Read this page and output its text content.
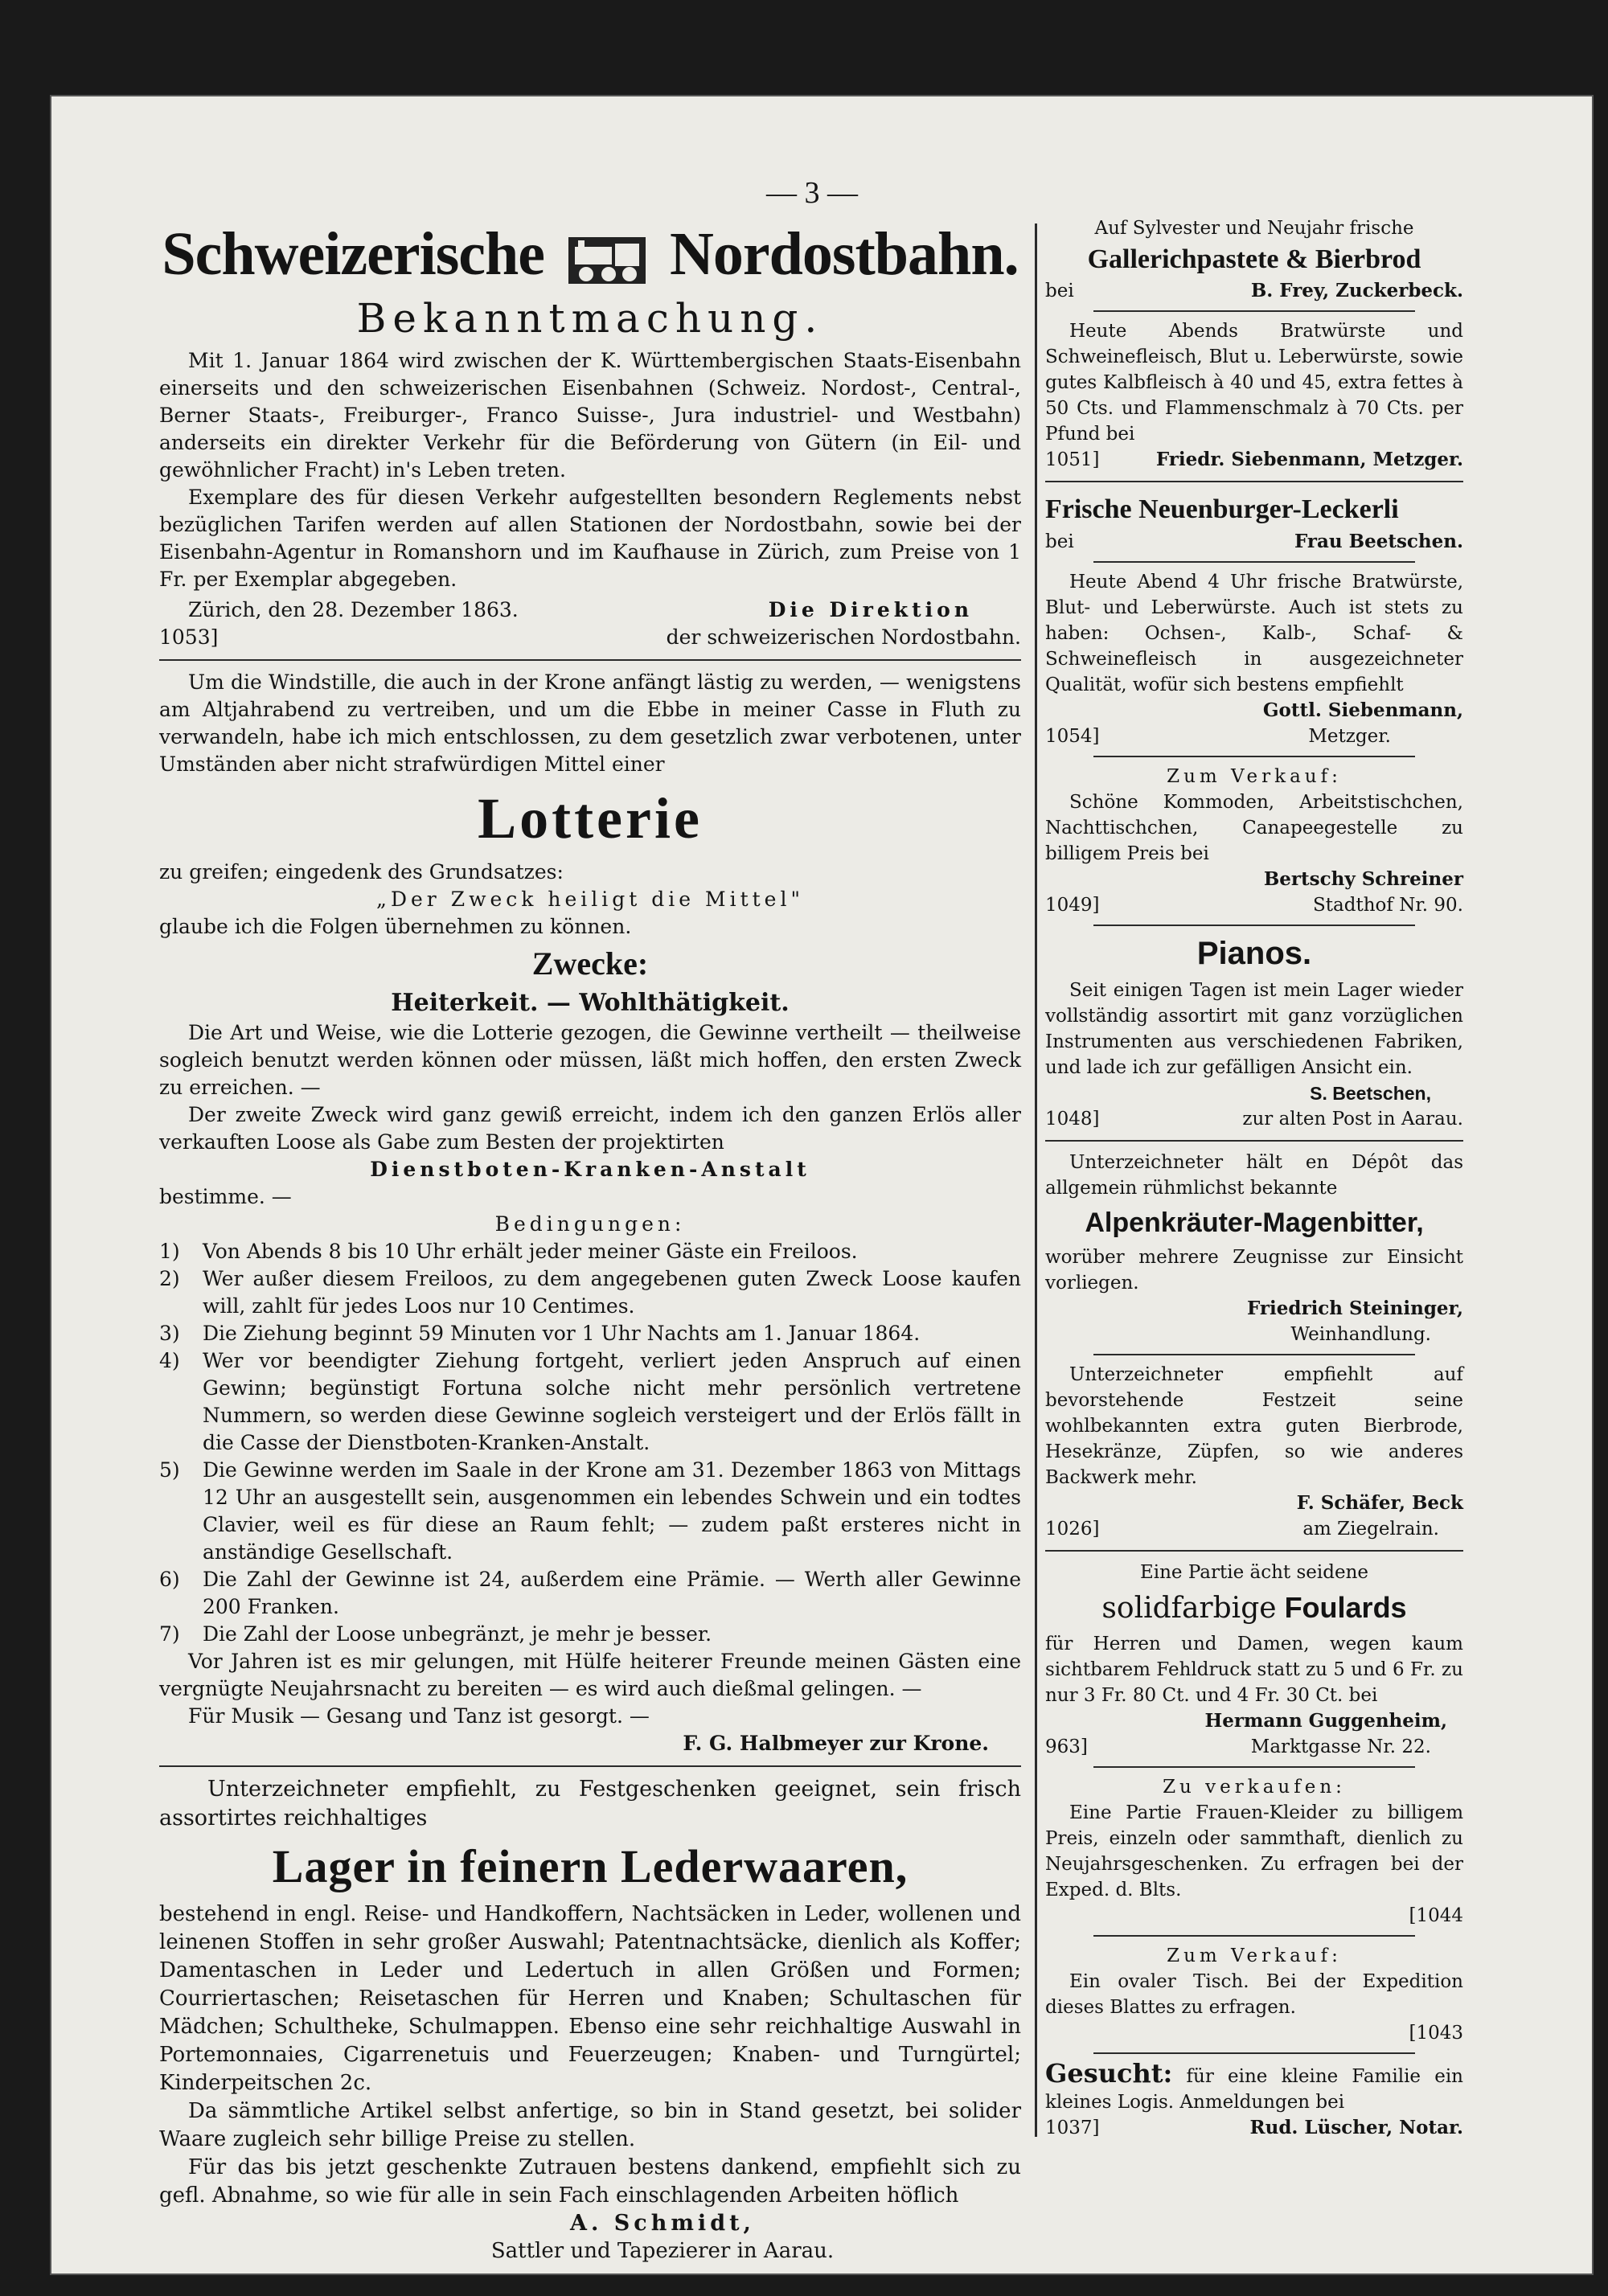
— 3 —

Schweizerische Nordostbahn.

Bekanntmachung.

Mit 1. Januar 1864 wird zwischen der K. Württembergischen Staats-Eisenbahn einerseits und den schweizerischen Eisenbahnen (Schweiz. Nordost-, Central-, Berner Staats-, Freiburger-, Franco Suisse-, Jura industriel- und Westbahn) anderseits ein direkter Verkehr für die Beförderung von Gütern (in Eil- und gewöhnlicher Fracht) in's Leben treten.

Exemplare des für diesen Verkehr aufgestellten besondern Reglements nebst bezüglichen Tarifen werden auf allen Stationen der Nordostbahn, sowie bei der Eisenbahn-Agentur in Romanshorn und im Kaufhause in Zürich, zum Preise von 1 Fr. per Exemplar abgegeben.

Zürich, den 28. Dezember 1863.	Die Direktion
1053]	der schweizerischen Nordostbahn.

Um die Windstille, die auch in der Krone anfängt lästig zu werden, — wenigstens am Altjahrabend zu vertreiben, und um die Ebbe in meiner Casse in Fluth zu verwandeln, habe ich mich entschlossen, zu dem gesetzlich zwar verbotenen, unter Umständen aber nicht strafwürdigen Mittel einer

Lotterie

zu greifen; eingedenk des Grundsatzes:

„Der Zweck heiligt die Mittel"

glaube ich die Folgen übernehmen zu können.

Zwecke:

Heiterkeit. — Wohlthätigkeit.

Die Art und Weise, wie die Lotterie gezogen, die Gewinne vertheilt — theilweise sogleich benutzt werden können oder müssen, läßt mich hoffen, den ersten Zweck zu erreichen. —

Der zweite Zweck wird ganz gewiß erreicht, indem ich den ganzen Erlös aller verkauften Loose als Gabe zum Besten der projektirten

Dienstboten-Kranken-Anstalt

bestimme. —

Bedingungen:

1) Von Abends 8 bis 10 Uhr erhält jeder meiner Gäste ein Freiloos.
2) Wer außer diesem Freiloos, zu dem angegebenen guten Zweck Loose kaufen will, zahlt für jedes Loos nur 10 Centimes.
3) Die Ziehung beginnt 59 Minuten vor 1 Uhr Nachts am 1. Januar 1864.
4) Wer vor beendigter Ziehung fortgeht, verliert jeden Anspruch auf einen Gewinn; begünstigt Fortuna solche nicht mehr persönlich vertretene Nummern, so werden diese Gewinne sogleich versteigert und der Erlös fällt in die Casse der Dienstboten-Kranken-Anstalt.
5) Die Gewinne werden im Saale in der Krone am 31. Dezember 1863 von Mittags 12 Uhr an ausgestellt sein, ausgenommen ein lebendes Schwein und ein todtes Clavier, weil es für diese an Raum fehlt; — zudem paßt ersteres nicht in anständige Gesellschaft.
6) Die Zahl der Gewinne ist 24, außerdem eine Prämie. — Werth aller Gewinne 200 Franken.
7) Die Zahl der Loose unbegränzt, je mehr je besser.

Vor Jahren ist es mir gelungen, mit Hülfe heiterer Freunde meinen Gästen eine vergnügte Neujahrsnacht zu bereiten — es wird auch dießmal gelingen. —

Für Musik — Gesang und Tanz ist gesorgt. —

F. G. Halbmeyer zur Krone.

Unterzeichneter empfiehlt, zu Festgeschenken geeignet, sein frisch assortirtes reichhaltiges

Lager in feinern Lederwaaren,

bestehend in engl. Reise- und Handkoffern, Nachtsäcken in Leder, wollenen und leinenen Stoffen in sehr großer Auswahl; Patentnachtsäcke, dienlich als Koffer; Damentaschen in Leder und Ledertuch in allen Größen und Formen; Courriertaschen; Reisetaschen für Herren und Knaben; Schultaschen für Mädchen; Schultheke, Schulmappen. Ebenso eine sehr reichhaltige Auswahl in Portemonnaies, Cigarrenetuis und Feuerzeugen; Knaben- und Turngürtel; Kinderpeitschen 2c.

Da sämmtliche Artikel selbst anfertige, so bin in Stand gesetzt, bei solider Waare zugleich sehr billige Preise zu stellen.

Für das bis jetzt geschenkte Zutrauen bestens dankend, empfiehlt sich zu gefl. Abnahme, so wie für alle in sein Fach einschlagenden Arbeiten höflich

A. Schmidt,

Sattler und Tapezierer in Aarau.

Auf Sylvester und Neujahr frische

Gallerichpastete & Bierbrod

bei	B. Frey, Zuckerbeck.

Heute Abends Bratwürste und Schweinefleisch, Blut u. Leberwürste, sowie gutes Kalbfleisch à 40 und 45, extra fettes à 50 Cts. und Flammenschmalz à 70 Cts. per Pfund bei

1051]	Friedr. Siebenmann, Metzger.

Frische Neuenburger-Leckerli

bei	Frau Beetschen.

Heute Abend 4 Uhr frische Bratwürste, Blut- und Leberwürste. Auch ist stets zu haben: Ochsen-, Kalb-, Schaf- & Schweinefleisch in ausgezeichneter Qualität, wofür sich bestens empfiehlt

Gottl. Siebenmann,

1054]	Metzger.

Zum Verkauf:

Schöne Kommoden, Arbeitstischchen, Nachttischchen, Canapeegestelle zu billigem Preis bei

Bertschy Schreiner

1049]	Stadthof Nr. 90.

Pianos.

Seit einigen Tagen ist mein Lager wieder vollständig assortirt mit ganz vorzüglichen Instrumenten aus verschiedenen Fabriken, und lade ich zur gefälligen Ansicht ein.

S. Beetschen,

1048]	zur alten Post in Aarau.

Unterzeichneter hält en Dépôt das allgemein rühmlichst bekannte

Alpenkräuter-Magenbitter,

worüber mehrere Zeugnisse zur Einsicht vorliegen.

Friedrich Steininger,

Weinhandlung.

Unterzeichneter empfiehlt auf bevorstehende Festzeit seine wohlbekannten extra guten Bierbrode, Hesekränze, Züpfen, so wie anderes Backwerk mehr.

F. Schäfer, Beck

1026]	am Ziegelrain.

Eine Partie ächt seidene

solidfarbige Foulards

für Herren und Damen, wegen kaum sichtbarem Fehldruck statt zu 5 und 6 Fr. zu nur 3 Fr. 80 Ct. und 4 Fr. 30 Ct. bei

Hermann Guggenheim,

963]	Marktgasse Nr. 22.

Zu verkaufen:

Eine Partie Frauen-Kleider zu billigem Preis, einzeln oder sammthaft, dienlich zu Neujahrsgeschenken. Zu erfragen bei der Exped. d. Blts.

[1044

Zum Verkauf:

Ein ovaler Tisch. Bei der Expedition dieses Blattes zu erfragen.

[1043

Gesucht: für eine kleine Familie ein kleines Logis. Anmeldungen bei

1037]	Rud. Lüscher, Notar.
